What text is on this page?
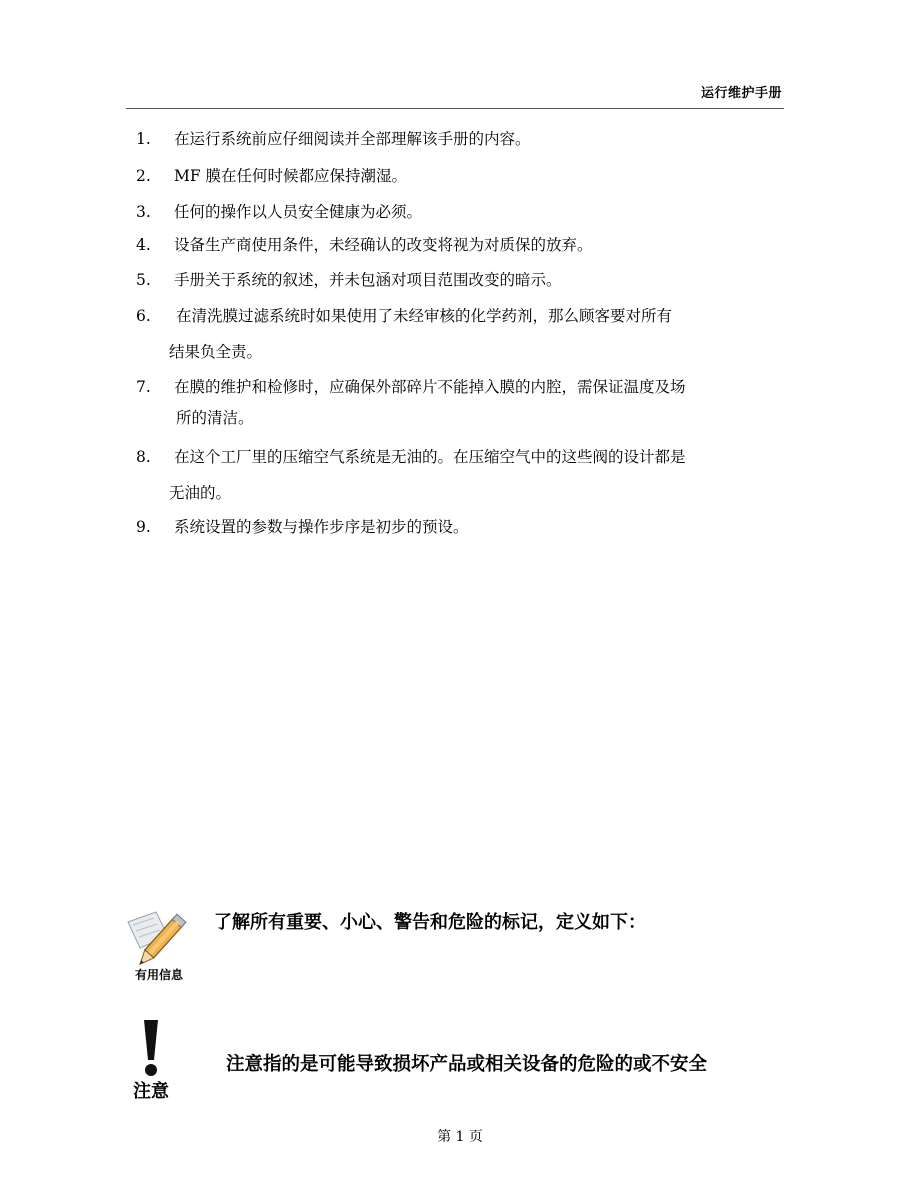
运行维护手册
1. 在运行系统前应仔细阅读并全部理解该手册的内容。
2. MF 膜在任何时候都应保持潮湿。
3. 任何的操作以人员安全健康为必须。
4. 设备生产商使用条件，未经确认的改变将视为对质保的放弃。
5. 手册关于系统的叙述，并未包涵对项目范围改变的暗示。
6. 在清洗膜过滤系统时如果使用了未经审核的化学药剂，那么顾客要对所有
结果负全责。
7. 在膜的维护和检修时，应确保外部碎片不能掉入膜的内腔，需保证温度及场
所的清洁。
8. 在这个工厂里的压缩空气系统是无油的。在压缩空气中的这些阀的设计都是
无油的。
9. 系统设置的参数与操作步序是初步的预设。
有用信息
了解所有重要、小心、警告和危险的标记，定义如下：
注意
注意指的是可能导致损坏产品或相关设备的危险的或不安全
第 1 页
